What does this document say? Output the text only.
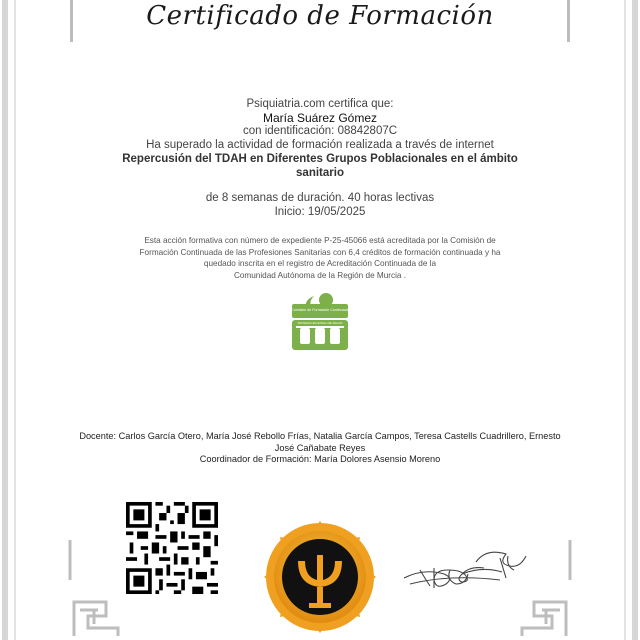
Certificado de Formación
Psiquiatria.com certifica que:
María Suárez Gómez
con identificación: 08842807C
Ha superado la actividad de formación realizada a través de internet
Repercusión del TDAH en Diferentes Grupos Poblacionales en el ámbito
sanitario
de 8 semanas de duración. 40 horas lectivas
Inicio: 19/05/2025
Esta acción formativa con número de expediente P-25-45066 está acreditada por la Comisión de
Formación Continuada de las Profesiones Sanitarias con 6,4 créditos de formación continuada y ha
quedado inscrita en el registro de Acreditación Continuada de la
Comunidad Autónoma de la Región de Murcia .
Comisión de Formación Continuada
SISTEMA NACIONAL DE SALUD
Docente: Carlos García Otero, María José Rebollo Frías, Natalia García Campos, Teresa Castells Cuadrillero, Ernesto
José Cañabate Reyes
Coordinador de Formación: María Dolores Asensio Moreno
